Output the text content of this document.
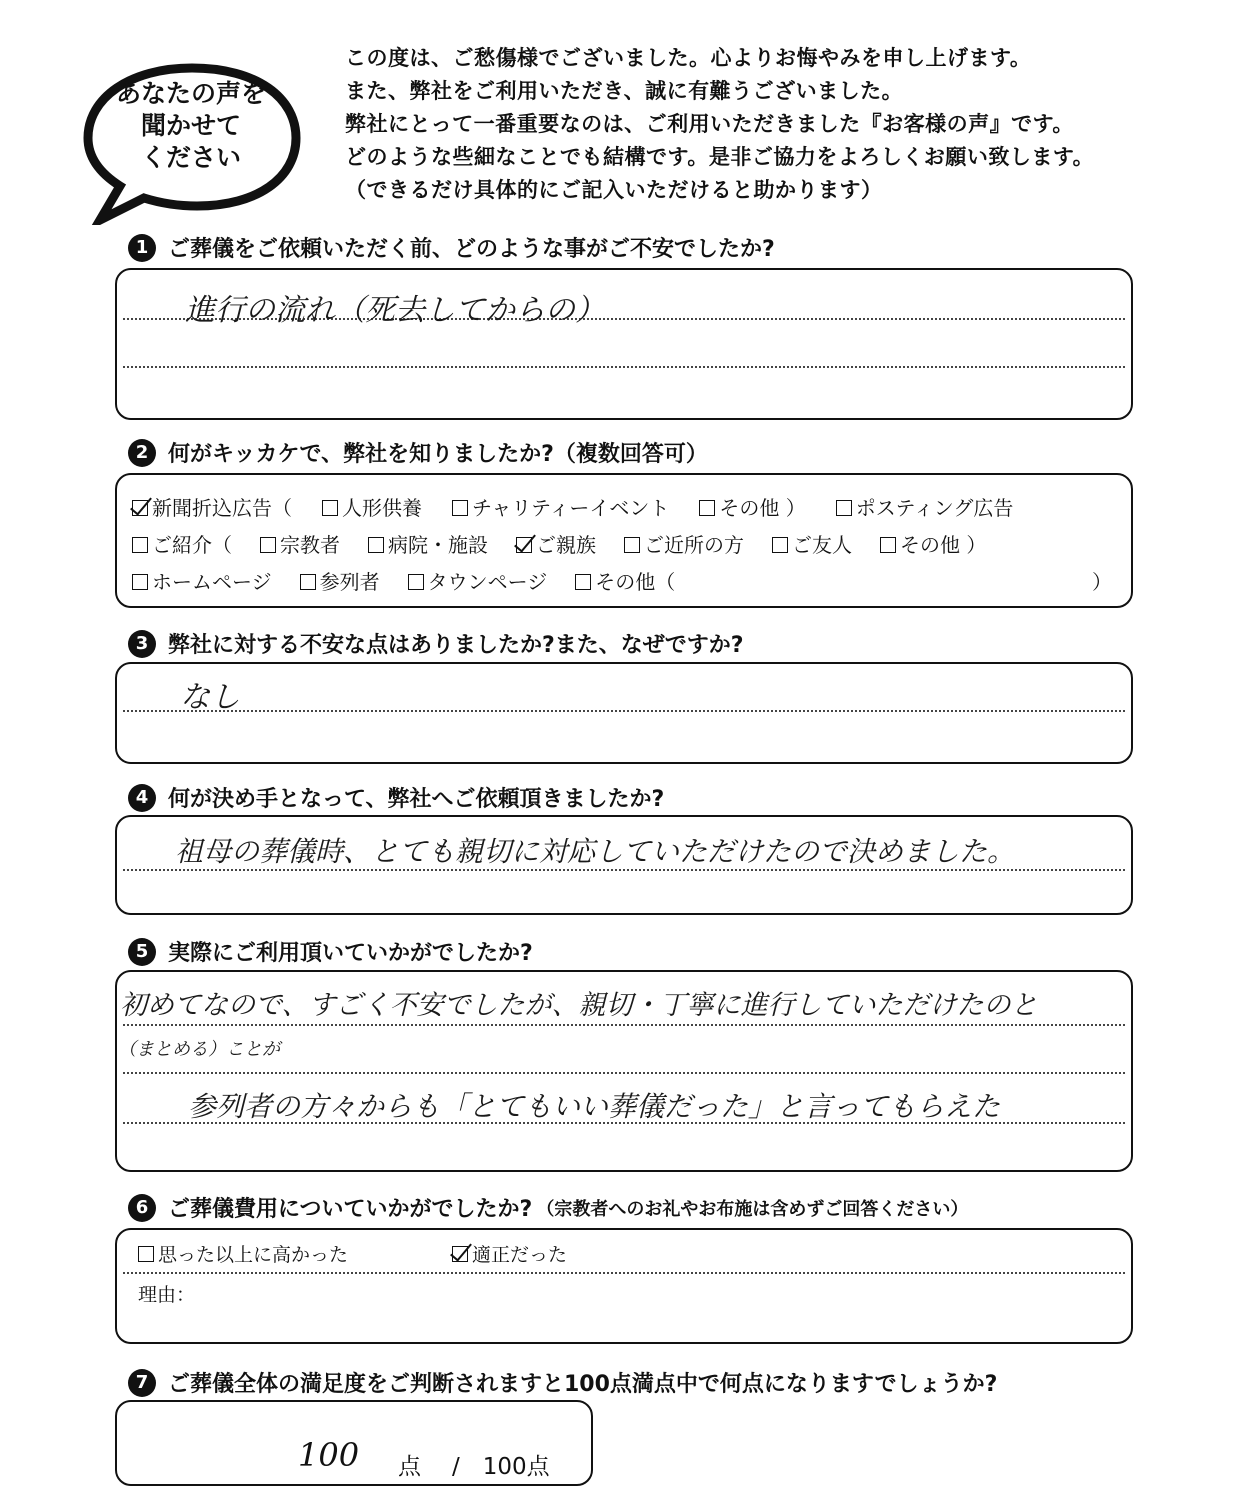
あなたの声を
聞かせて
ください
この度は、ご愁傷様でございました。心よりお悔やみを申し上げます。
また、弊社をご利用いただき、誠に有難うございました。
弊社にとって一番重要なのは、ご利用いただきました『お客様の声』です。
どのような些細なことでも結構です。是非ご協力をよろしくお願い致します。
（できるだけ具体的にご記入いただけると助かります）
1 ご葬儀をご依頼いただく前、どのような事がご不安でしたか?
進行の流れ（死去してからの）
2 何がキッカケで、弊社を知りましたか?（複数回答可）
新聞折込広告（	人形供養	チャリティーイベント	その他 ）	ポスティング広告
ご紹介（	宗教者	病院・施設	ご親族	ご近所の方	ご友人	その他 ）
ホームページ	参列者	タウンページ	その他（	）
3 弊社に対する不安な点はありましたか?また、なぜですか?
なし
4 何が決め手となって、弊社へご依頼頂きましたか?
祖母の葬儀時、とても親切に対応していただけたので決めました。
5 実際にご利用頂いていかがでしたか?
初めてなので、すごく不安でしたが、親切・丁寧に進行していただけたのと
（まとめる）ことが
参列者の方々からも「とてもいい葬儀だった」と言ってもらえた
6 ご葬儀費用についていかがでしたか? （宗教者へのお礼やお布施は含めずご回答ください）
思った以上に高かった	適正だった
理由：
7 ご葬儀全体の満足度をご判断されますと100点満点中で何点になりますでしょうか?
100 点 /　100点
